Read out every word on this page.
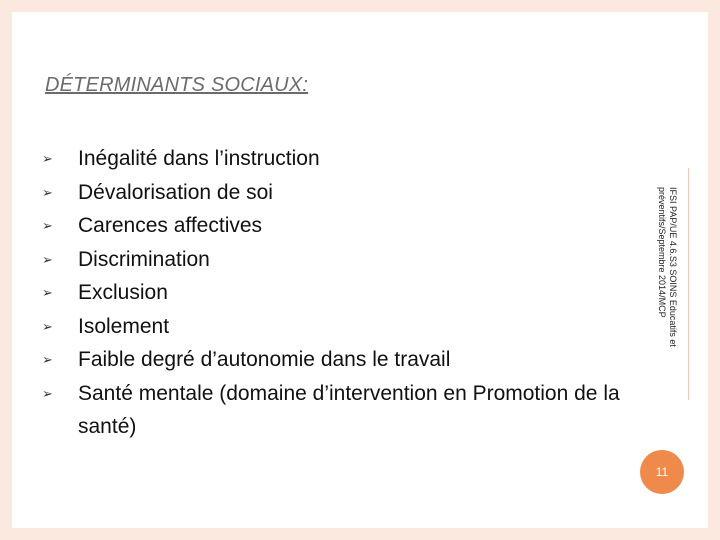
DÉTERMINANTS SOCIAUX:
➢ Inégalité dans l’instruction
➢ Dévalorisation de soi
➢ Carences affectives
➢ Discrimination
➢ Exclusion
➢ Isolement
➢ Faible degré d’autonomie dans le travail
➢ Santé mentale (domaine d’intervention en Promotion de la santé)
IFSI PAP/UE 4.6.S3 SOINS Educatifs et préventifs/Septembre 2014/MCP
11
